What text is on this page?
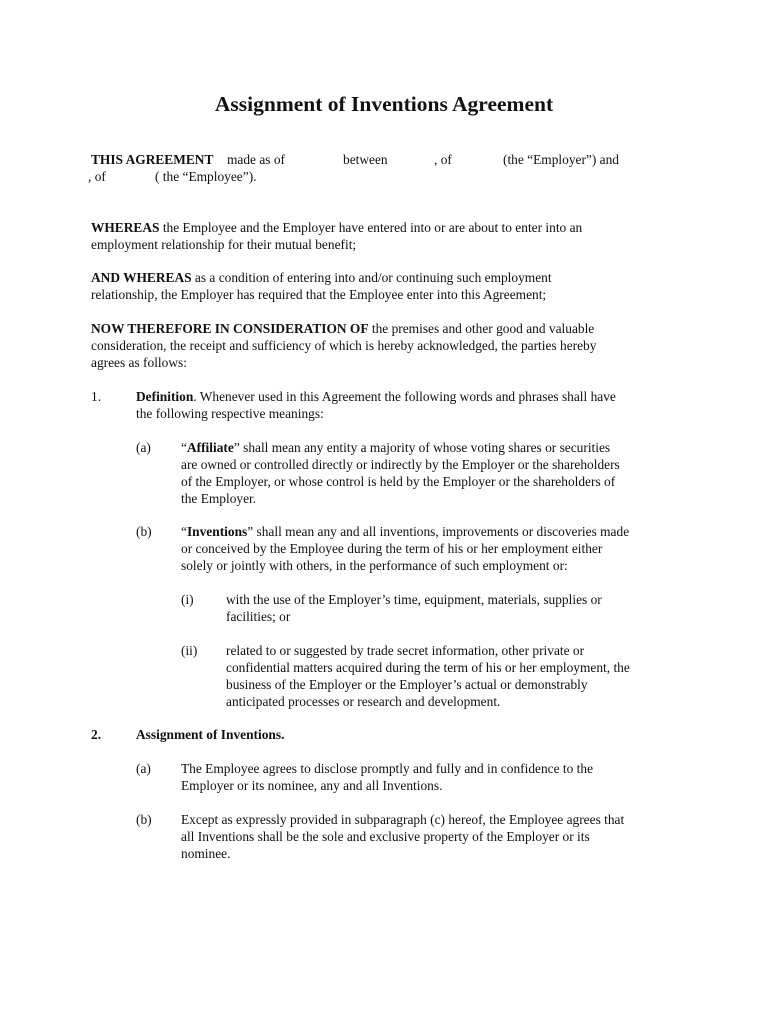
Assignment of Inventions Agreement
THIS AGREEMENT made as of	between	, of	(the “Employer”) and
, of	( the “Employee”).
WHEREAS the Employee and the Employer have entered into or are about to enter into an
employment relationship for their mutual benefit;
AND WHEREAS as a condition of entering into and/or continuing such employment
relationship, the Employer has required that the Employee enter into this Agreement;
NOW THEREFORE IN CONSIDERATION OF the premises and other good and valuable
consideration, the receipt and sufficiency of which is hereby acknowledged, the parties hereby
agrees as follows:
1.	Definition. Whenever used in this Agreement the following words and phrases shall have
the following respective meanings:
(a) “Affiliate” shall mean any entity a majority of whose voting shares or securities
are owned or controlled directly or indirectly by the Employer or the shareholders
of the Employer, or whose control is held by the Employer or the shareholders of
the Employer.
(b) “Inventions” shall mean any and all inventions, improvements or discoveries made
or conceived by the Employee during the term of his or her employment either
solely or jointly with others, in the performance of such employment or:
(i) with the use of the Employer’s time, equipment, materials, supplies or
facilities; or
(ii) related to or suggested by trade secret information, other private or
confidential matters acquired during the term of his or her employment, the
business of the Employer or the Employer’s actual or demonstrably
anticipated processes or research and development.
2.	Assignment of Inventions.
(a) The Employee agrees to disclose promptly and fully and in confidence to the
Employer or its nominee, any and all Inventions.
(b) Except as expressly provided in subparagraph (c) hereof, the Employee agrees that
all Inventions shall be the sole and exclusive property of the Employer or its
nominee.
